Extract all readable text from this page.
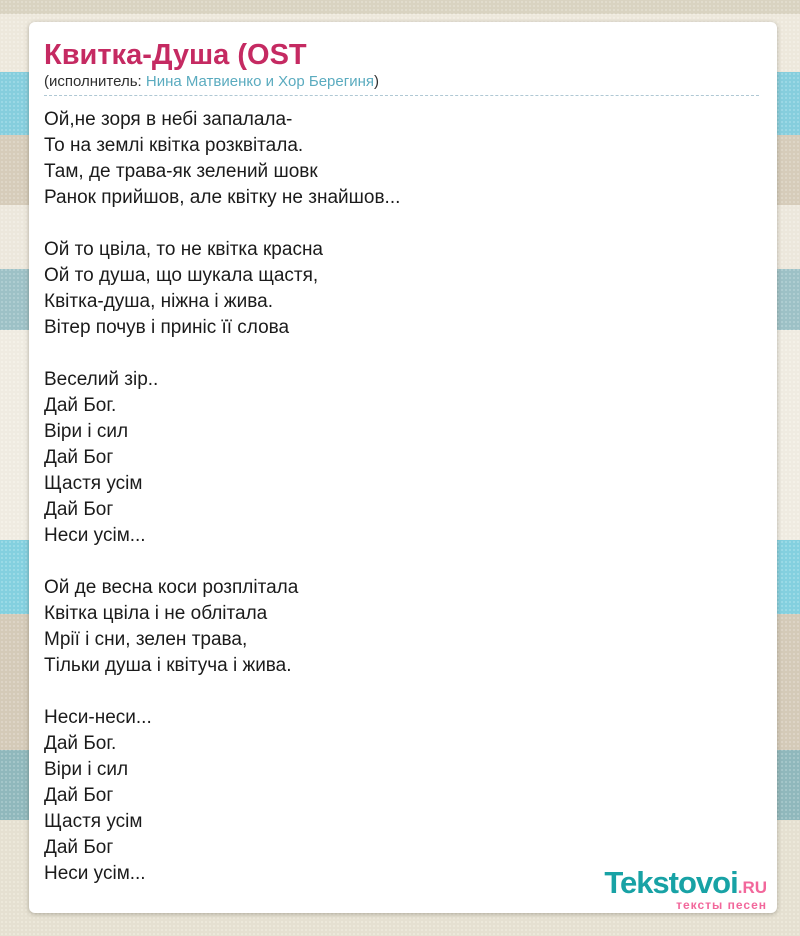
Квитка-Душа (OST
(исполнитель: Нина Матвиенко и Хор Берегиня)
Ой,не зоря в небі запалала-
То на землі квітка розквітала.
Там, де трава-як зелений шовк
Ранок прийшов, але квітку не знайшов...
Ой то цвіла, то не квітка красна
Ой то душа, що шукала щастя,
Квітка-душа, ніжна і жива.
Вітер почув і приніс її слова
Веселий зір..
Дай Бог.
Віри і сил
Дай Бог
Щастя усім
Дай Бог
Неси усім...
Ой де весна коси розплітала
Квітка цвіла і не облітала
Мрії і сни, зелен трава,
Тільки душа і квітуча і жива.
Неси-неси...
Дай Бог.
Віри і сил
Дай Бог
Щастя усім
Дай Бог
Неси усім...	Tekstovoi.RU
тексты песен
